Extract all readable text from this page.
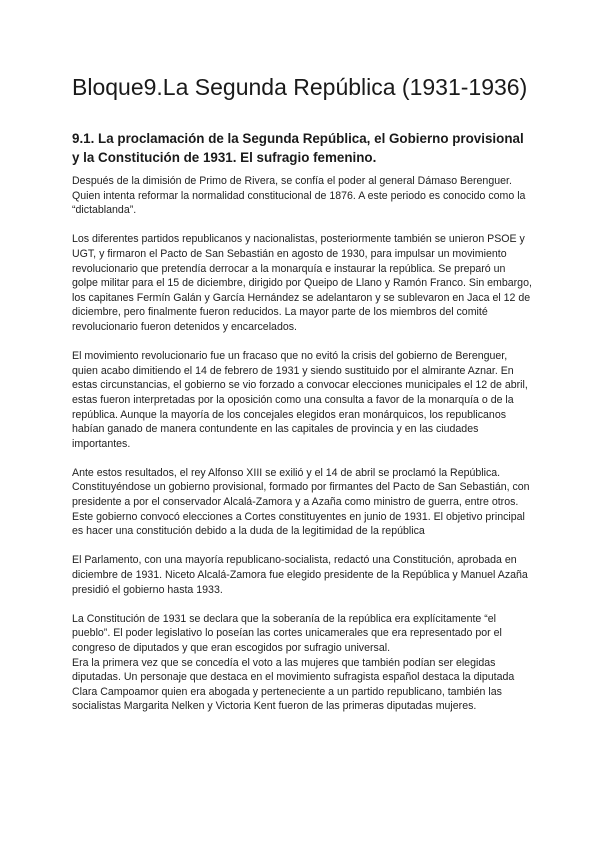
Bloque9.La Segunda República (1931-1936)
9.1. La proclamación de la Segunda República, el Gobierno provisional y la Constitución de 1931. El sufragio femenino.

Después de la dimisión de Primo de Rivera, se confía el poder al general Dámaso Berenguer. Quien intenta reformar la normalidad constitucional de 1876. A este periodo es conocido como la “dictablanda”.

Los diferentes partidos republicanos y nacionalistas, posteriormente también se unieron PSOE y UGT, y firmaron el Pacto de San Sebastián en agosto de 1930, para impulsar un movimiento revolucionario que pretendía derrocar a la monarquía e instaurar la república. Se preparó un golpe militar para el 15 de diciembre, dirigido por Queipo de Llano y Ramón Franco. Sin embargo, los capitanes Fermín Galán y García Hernández se adelantaron y se sublevaron en Jaca el 12 de diciembre, pero finalmente fueron reducidos. La mayor parte de los miembros del comité revolucionario fueron detenidos y encarcelados.

El movimiento revolucionario fue un fracaso que no evitó la crisis del gobierno de Berenguer, quien acabo dimitiendo el 14 de febrero de 1931 y siendo sustituido por el almirante Aznar. En estas circunstancias, el gobierno se vio forzado a convocar elecciones municipales el 12 de abril, estas fueron interpretadas por la oposición como una consulta a favor de la monarquía o de la república. Aunque la mayoría de los concejales elegidos eran monárquicos, los republicanos habían ganado de manera contundente en las capitales de provincia y en las ciudades importantes.

Ante estos resultados, el rey Alfonso XIII se exilió y el 14 de abril se proclamó la República. Constituyéndose un gobierno provisional, formado por firmantes del Pacto de San Sebastián, con presidente a por el conservador Alcalá-Zamora y a Azaña como ministro de guerra, entre otros. Este gobierno convocó elecciones a Cortes constituyentes en junio de 1931. El objetivo principal es hacer una constitución debido a la duda de la legitimidad de la república

El Parlamento, con una mayoría republicano-socialista, redactó una Constitución, aprobada en diciembre de 1931. Niceto Alcalá-Zamora fue elegido presidente de la República y Manuel Azaña presidió el gobierno hasta 1933.

La Constitución de 1931 se declara que la soberanía de la república era explícitamente “el pueblo”. El poder legislativo lo poseían las cortes unicamerales que era representado por el congreso de diputados y que eran escogidos por sufragio universal.

Era la primera vez que se concedía el voto a las mujeres que también podían ser elegidas diputadas. Un personaje que destaca en el movimiento sufragista español destaca la diputada Clara Campoamor quien era abogada y perteneciente a un partido republicano, también las socialistas Margarita Nelken y Victoria Kent fueron de las primeras diputadas mujeres.
